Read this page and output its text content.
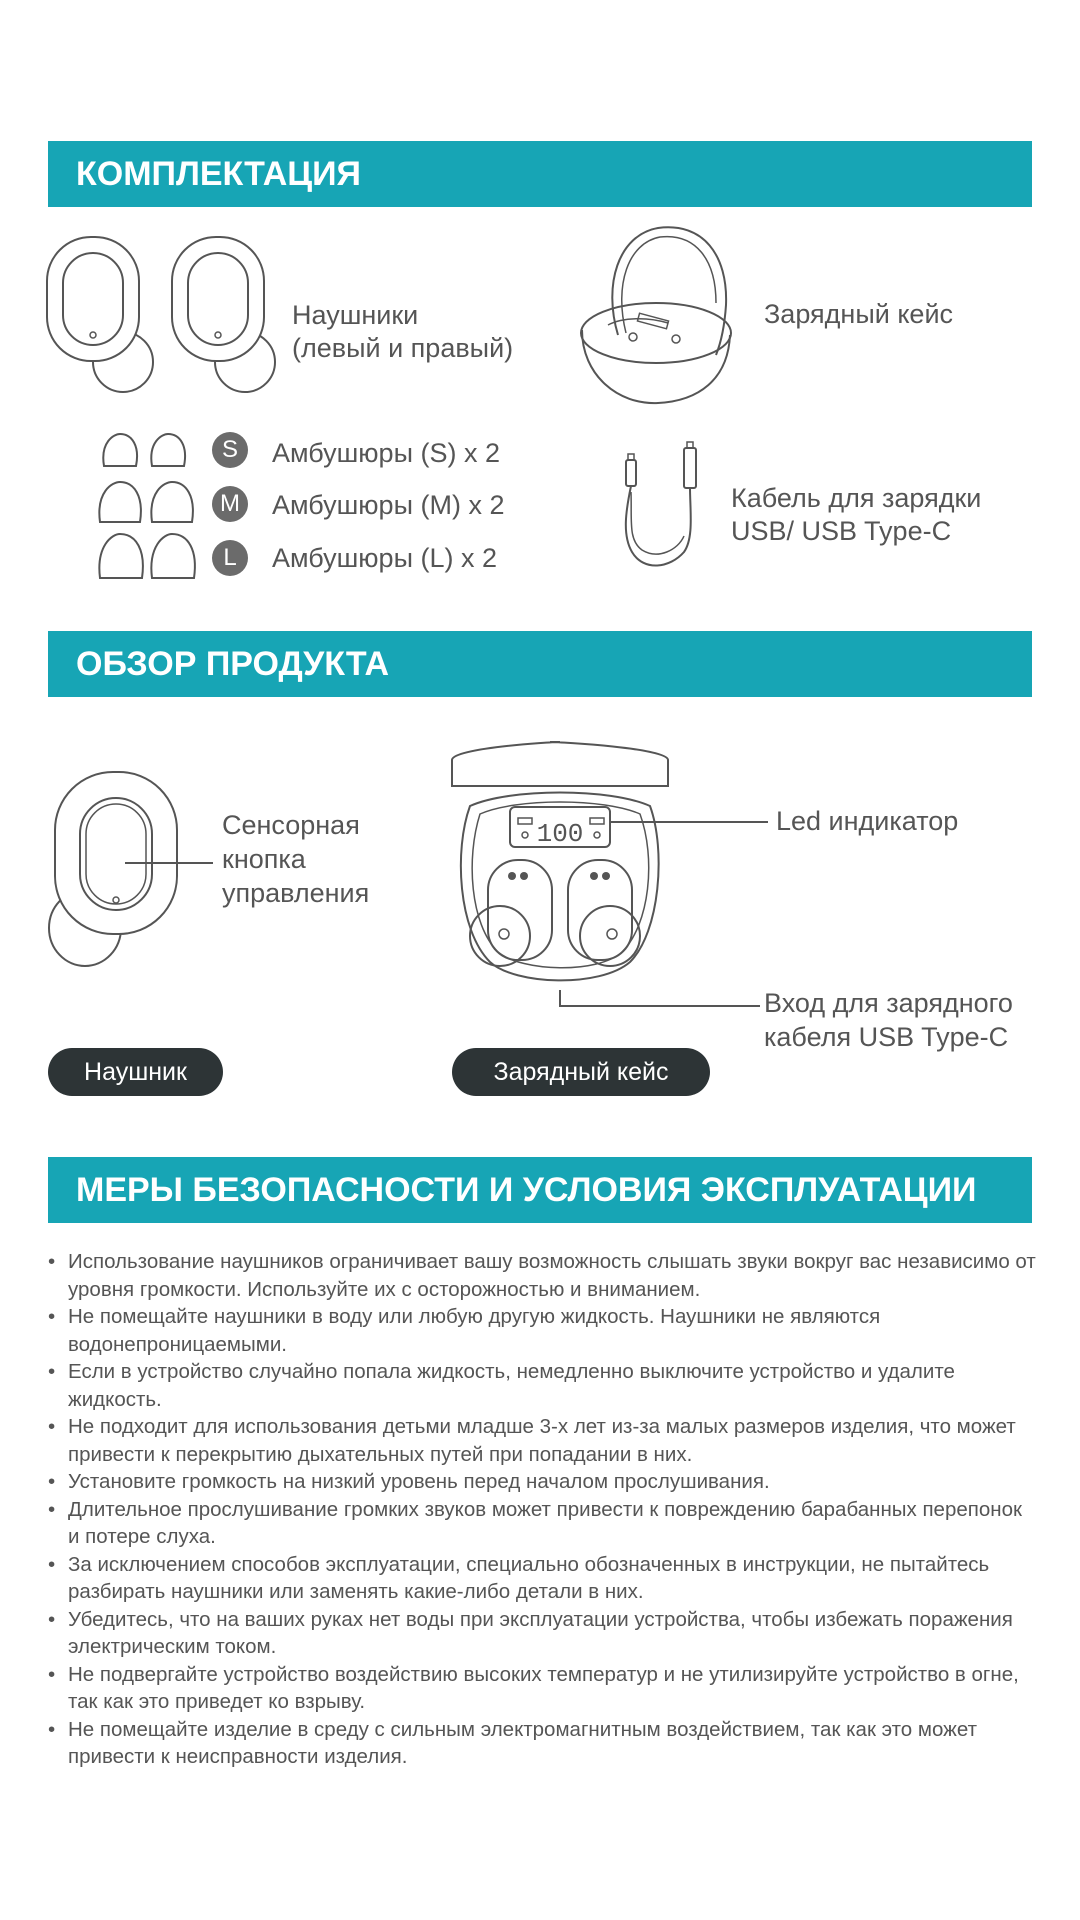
КОМПЛЕКТАЦИЯ
Наушники
(левый и правый)
Зарядный кейс
S	Амбушюры (S) x 2
M Амбушюры (M) x 2
L	Амбушюры (L) x 2
Кабель для зарядки
USB/ USB Type-C
ОБЗОР ПРОДУКТА
Сенсорная
кнопка
управления
100	Led индикатор
Вход для зарядного
кабеля USB Type-C
Наушник	Зарядный кейс
МЕРЫ БЕЗОПАСНОСТИ И УСЛОВИЯ ЭКСПЛУАТАЦИИ
• Использование наушников ограничивает вашу возможность слышать звуки вокруг вас независимо от уровня громкости. Используйте их с осторожностью и вниманием.
• Не помещайте наушники в воду или любую другую жидкость. Наушники не являются водонепроницаемыми.
• Если в устройство случайно попала жидкость, немедленно выключите устройство и удалите жидкость.
• Не подходит для использования детьми младше 3-х лет из-за малых размеров изделия, что может привести к перекрытию дыхательных путей при попадании в них.
• Установите громкость на низкий уровень перед началом прослушивания.
• Длительное прослушивание громких звуков может привести к повреждению барабанных перепонок и потере слуха.
• За исключением способов эксплуатации, специально обозначенных в инструкции, не пытайтесь разбирать наушники или заменять какие-либо детали в них.
• Убедитесь, что на ваших руках нет воды при эксплуатации устройства, чтобы избежать поражения электрическим током.
• Не подвергайте устройство воздействию высоких температур и не утилизируйте устройство в огне, так как это приведет ко взрыву.
• Не помещайте изделие в среду с сильным электромагнитным воздействием, так как это может привести к неисправности изделия.
